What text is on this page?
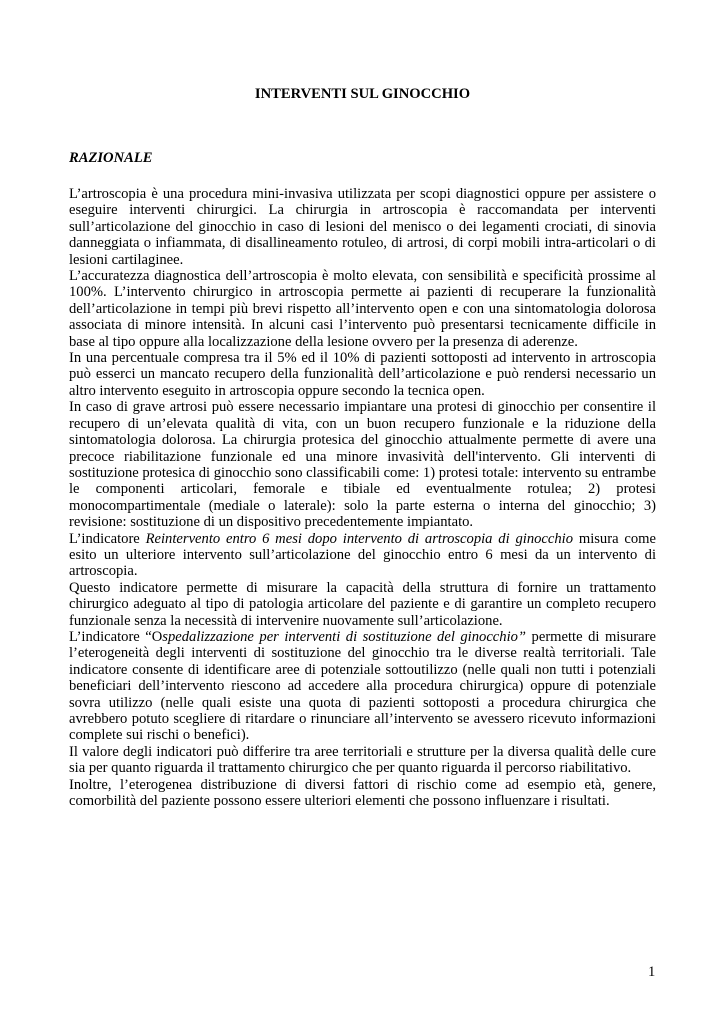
INTERVENTI SUL GINOCCHIO
RAZIONALE

L’artroscopia è una procedura mini-invasiva utilizzata per scopi diagnostici oppure per assistere o eseguire interventi chirurgici. La chirurgia in artroscopia è raccomandata per interventi sull’articolazione del ginocchio in caso di lesioni del menisco o dei legamenti crociati, di sinovia danneggiata o infiammata, di disallineamento rotuleo, di artrosi, di corpi mobili intra-articolari o di lesioni cartilaginee.

L’accuratezza diagnostica dell’artroscopia è molto elevata, con sensibilità e specificità prossime al 100%. L’intervento chirurgico in artroscopia permette ai pazienti di recuperare la funzionalità dell’articolazione in tempi più brevi rispetto all’intervento open e con una sintomatologia dolorosa associata di minore intensità. In alcuni casi l’intervento può presentarsi tecnicamente difficile in base al tipo oppure alla localizzazione della lesione ovvero per la presenza di aderenze.

In una percentuale compresa tra il 5% ed il 10% di pazienti sottoposti ad intervento in artroscopia può esserci un mancato recupero della funzionalità dell’articolazione e può rendersi necessario un altro intervento eseguito in artroscopia oppure secondo la tecnica open.

In caso di grave artrosi può essere necessario impiantare una protesi di ginocchio per consentire il recupero di un’elevata qualità di vita, con un buon recupero funzionale e la riduzione della sintomatologia dolorosa. La chirurgia protesica del ginocchio attualmente permette di avere una precoce riabilitazione funzionale ed una minore invasività dell'intervento. Gli interventi di sostituzione protesica di ginocchio sono classificabili come: 1) protesi totale: intervento su entrambe le componenti articolari, femorale e tibiale ed eventualmente rotulea; 2) protesi monocompartimentale (mediale o laterale): solo la parte esterna o interna del ginocchio; 3) revisione: sostituzione di un dispositivo precedentemente impiantato.

L’indicatore Reintervento entro 6 mesi dopo intervento di artroscopia di ginocchio misura come esito un ulteriore intervento sull’articolazione del ginocchio entro 6 mesi da un intervento di artroscopia.

Questo indicatore permette di misurare la capacità della struttura di fornire un trattamento chirurgico adeguato al tipo di patologia articolare del paziente e di garantire un completo recupero funzionale senza la necessità di intervenire nuovamente sull’articolazione.

L’indicatore “Ospedalizzazione per interventi di sostituzione del ginocchio” permette di misurare l’eterogeneità degli interventi di sostituzione del ginocchio tra le diverse realtà territoriali. Tale indicatore consente di identificare aree di potenziale sottoutilizzo (nelle quali non tutti i potenziali beneficiari dell’intervento riescono ad accedere alla procedura chirurgica) oppure di potenziale sovra utilizzo (nelle quali esiste una quota di pazienti sottoposti a procedura chirurgica che avrebbero potuto scegliere di ritardare o rinunciare all’intervento se avessero ricevuto informazioni complete sui rischi o benefici).

Il valore degli indicatori può differire tra aree territoriali e strutture per la diversa qualità delle cure sia per quanto riguarda il trattamento chirurgico che per quanto riguarda il percorso riabilitativo.

Inoltre, l’eterogenea distribuzione di diversi fattori di rischio come ad esempio età, genere, comorbilità del paziente possono essere ulteriori elementi che possono influenzare i risultati.

1
